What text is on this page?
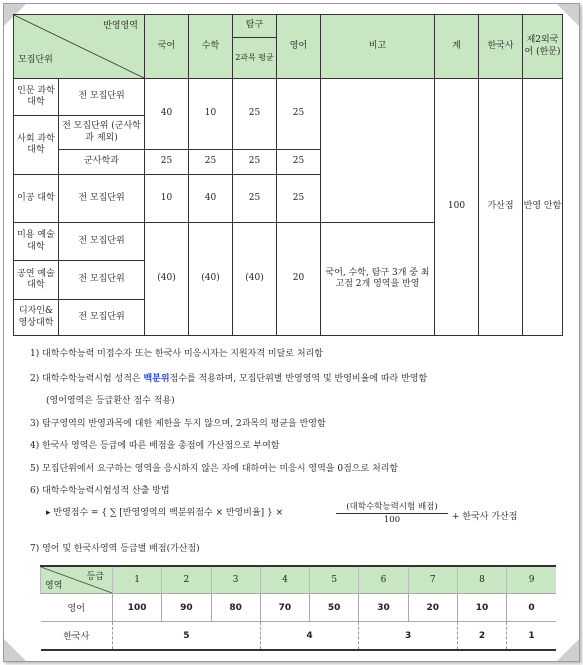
반영영역
모집단위		국어	수학	탐구	영어	비고	계	한국사	제2외국어 (한문)
				2과목 평균					
인문 과학 대학	전 모집단위	40	10	25	25		100	가산점	반영 안함
사회 과학 대학	전 모집단위 (군사학과 제외)								
	군사학과	25	25	25	25				
이공 대학	전 모집단위	10	40	25	25				
미용 예술 대학	전 모집단위	(40)	(40)	(40)	20	국어, 수학, 탐구 3개 중 최고점 2개 영역을 반영			
공연 예술 대학	전 모집단위								
디자인& 영상대학	전 모집단위								
1) 대학수학능력 미접수자 또는 한국사 미응시자는 지원자격 미달로 처리함
2) 대학수학능력시험 성적은 백분위점수를 적용하며, 모집단위별 반영영역 및 반영비율에 따라 반영함
(영어영역은 등급환산 점수 적용)
3) 탐구영역의 반영과목에 대한 제한을 두지 않으며, 2과목의 평균을 반영함
4) 한국사 영역은 등급에 따른 배점을 총점에 가산점으로 부여함
5) 모집단위에서 요구하는 영역을 응시하지 않은 자에 대하여는 미응시 영역을 0점으로 처리함
6) 대학수학능력시험성적 산출 방법
▸ 반영점수 = { ∑ [반영영역의 백분위점수 × 반영비율] } ×
(대학수학능력시험 배점)
100	+ 한국사 가산점
7) 영어 및 한국사영역 등급별 배점(가산점)
등급
영역	1	2	3	4	5	6	7	8	9
영어	100	90	80	70	50	30	20	10	0
한국사	5			4		3		2	1
